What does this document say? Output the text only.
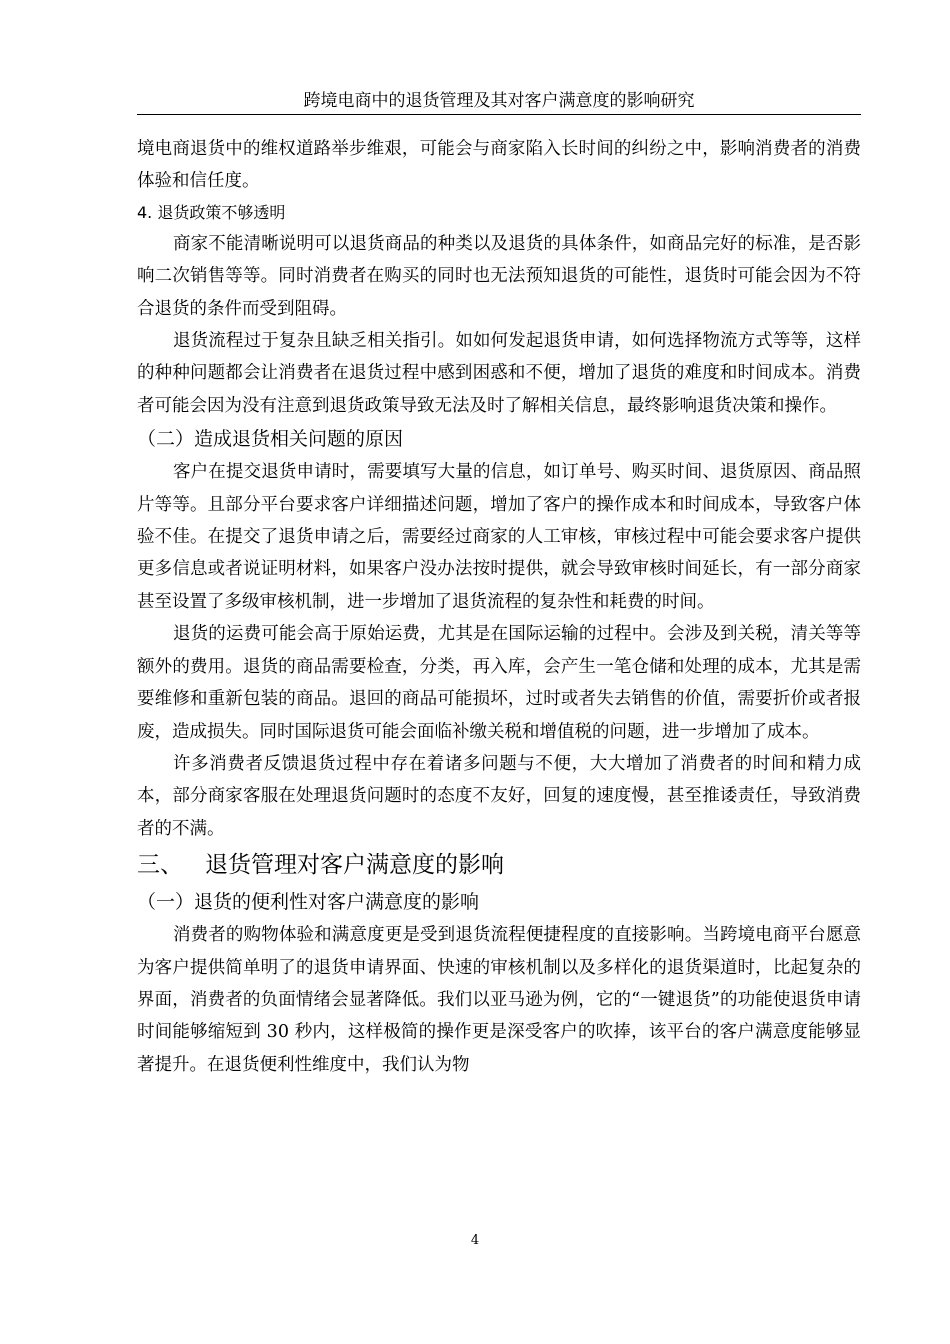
跨境电商中的退货管理及其对客户满意度的影响研究

境电商退货中的维权道路举步维艰，可能会与商家陷入长时间的纠纷之中，影响消费者的消费体验和信任度。

4. 退货政策不够透明

商家不能清晰说明可以退货商品的种类以及退货的具体条件，如商品完好的标准，是否影响二次销售等等。同时消费者在购买的同时也无法预知退货的可能性，退货时可能会因为不符合退货的条件而受到阻碍。

退货流程过于复杂且缺乏相关指引。如如何发起退货申请，如何选择物流方式等等，这样的种种问题都会让消费者在退货过程中感到困惑和不便，增加了退货的难度和时间成本。消费者可能会因为没有注意到退货政策导致无法及时了解相关信息，最终影响退货决策和操作。

（二）造成退货相关问题的原因

客户在提交退货申请时，需要填写大量的信息，如订单号、购买时间、退货原因、商品照片等等。且部分平台要求客户详细描述问题，增加了客户的操作成本和时间成本，导致客户体验不佳。在提交了退货申请之后，需要经过商家的人工审核，审核过程中可能会要求客户提供更多信息或者说证明材料，如果客户没办法按时提供，就会导致审核时间延长，有一部分商家甚至设置了多级审核机制，进一步增加了退货流程的复杂性和耗费的时间。

退货的运费可能会高于原始运费，尤其是在国际运输的过程中。会涉及到关税，清关等等额外的费用。退货的商品需要检查，分类，再入库，会产生一笔仓储和处理的成本，尤其是需要维修和重新包装的商品。退回的商品可能损坏，过时或者失去销售的价值，需要折价或者报废，造成损失。同时国际退货可能会面临补缴关税和增值税的问题，进一步增加了成本。

许多消费者反馈退货过程中存在着诸多问题与不便，大大增加了消费者的时间和精力成本，部分商家客服在处理退货问题时的态度不友好，回复的速度慢，甚至推诿责任，导致消费者的不满。

三、 退货管理对客户满意度的影响

（一）退货的便利性对客户满意度的影响

消费者的购物体验和满意度更是受到退货流程便捷程度的直接影响。当跨境电商平台愿意为客户提供简单明了的退货申请界面、快速的审核机制以及多样化的退货渠道时，比起复杂的界面，消费者的负面情绪会显著降低。我们以亚马逊为例，它的“一键退货”的功能使退货申请时间能够缩短到 30 秒内，这样极简的操作更是深受客户的吹捧，该平台的客户满意度能够显著提升。在退货便利性维度中，我们认为物

4
